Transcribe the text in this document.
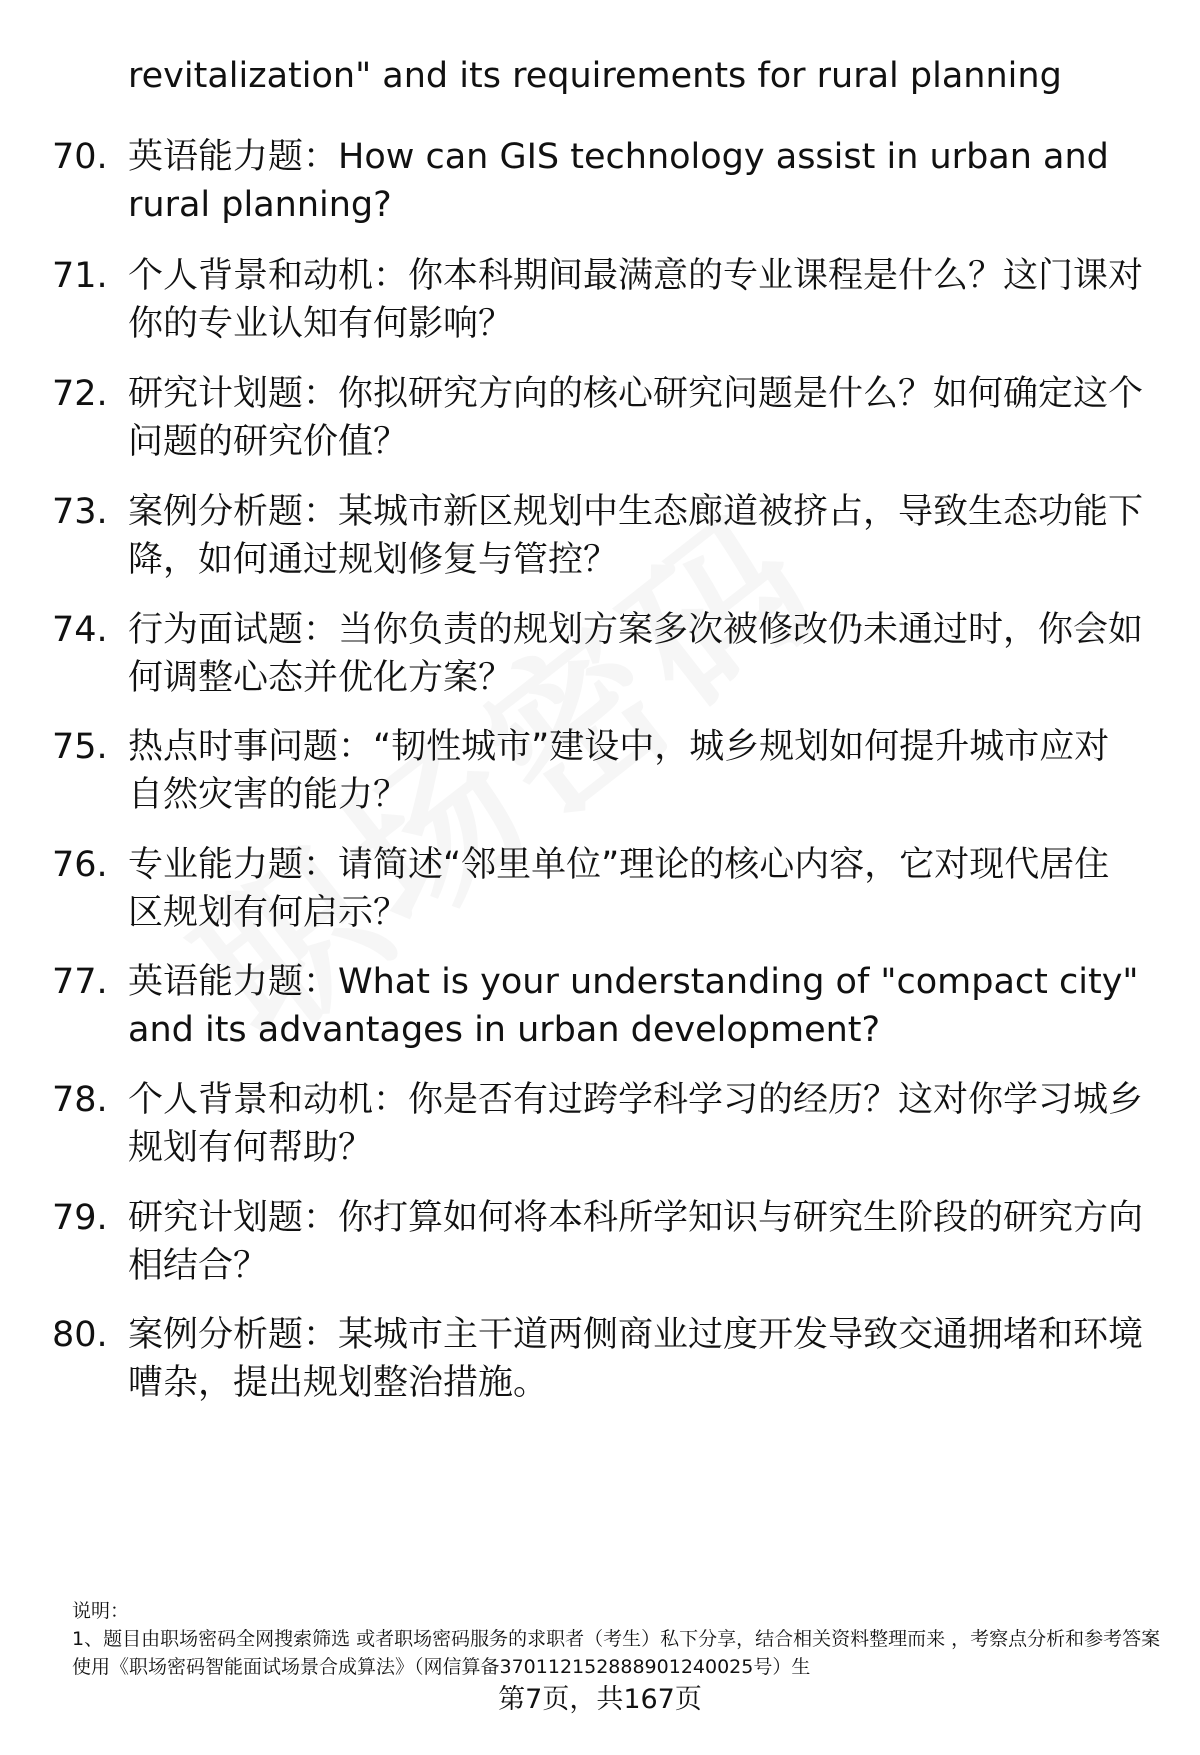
revitalization" and its requirements for rural planning
70. 英语能力题：How can GIS technology assist in urban and rural planning?
71. 个人背景和动机：你本科期间最满意的专业课程是什么？这门课对你的专业认知有何影响？
72. 研究计划题：你拟研究方向的核心研究问题是什么？如何确定这个问题的研究价值？
73. 案例分析题：某城市新区规划中生态廊道被挤占，导致生态功能下降，如何通过规划修复与管控？
74. 行为面试题：当你负责的规划方案多次被修改仍未通过时，你会如何调整心态并优化方案？
75. 热点时事问题：“韧性城市”建设中，城乡规划如何提升城市应对自然灾害的能力？
76. 专业能力题：请简述“邻里单位”理论的核心内容，它对现代居住区规划有何启示？
77. 英语能力题：What is your understanding of "compact city" and its advantages in urban development?
78. 个人背景和动机：你是否有过跨学科学习的经历？这对你学习城乡规划有何帮助？
79. 研究计划题：你打算如何将本科所学知识与研究生阶段的研究方向相结合？
80. 案例分析题：某城市主干道两侧商业过度开发导致交通拥堵和环境嘈杂，提出规划整治措施。
说明：
1、题目由职场密码全网搜索筛选 或者职场密码服务的求职者（考生）私下分享，结合相关资料整理而来 ，考察点分析和参考答案使用《职场密码智能面试场景合成算法》（网信算备370112152888901240025号）生
第7页，共167页
